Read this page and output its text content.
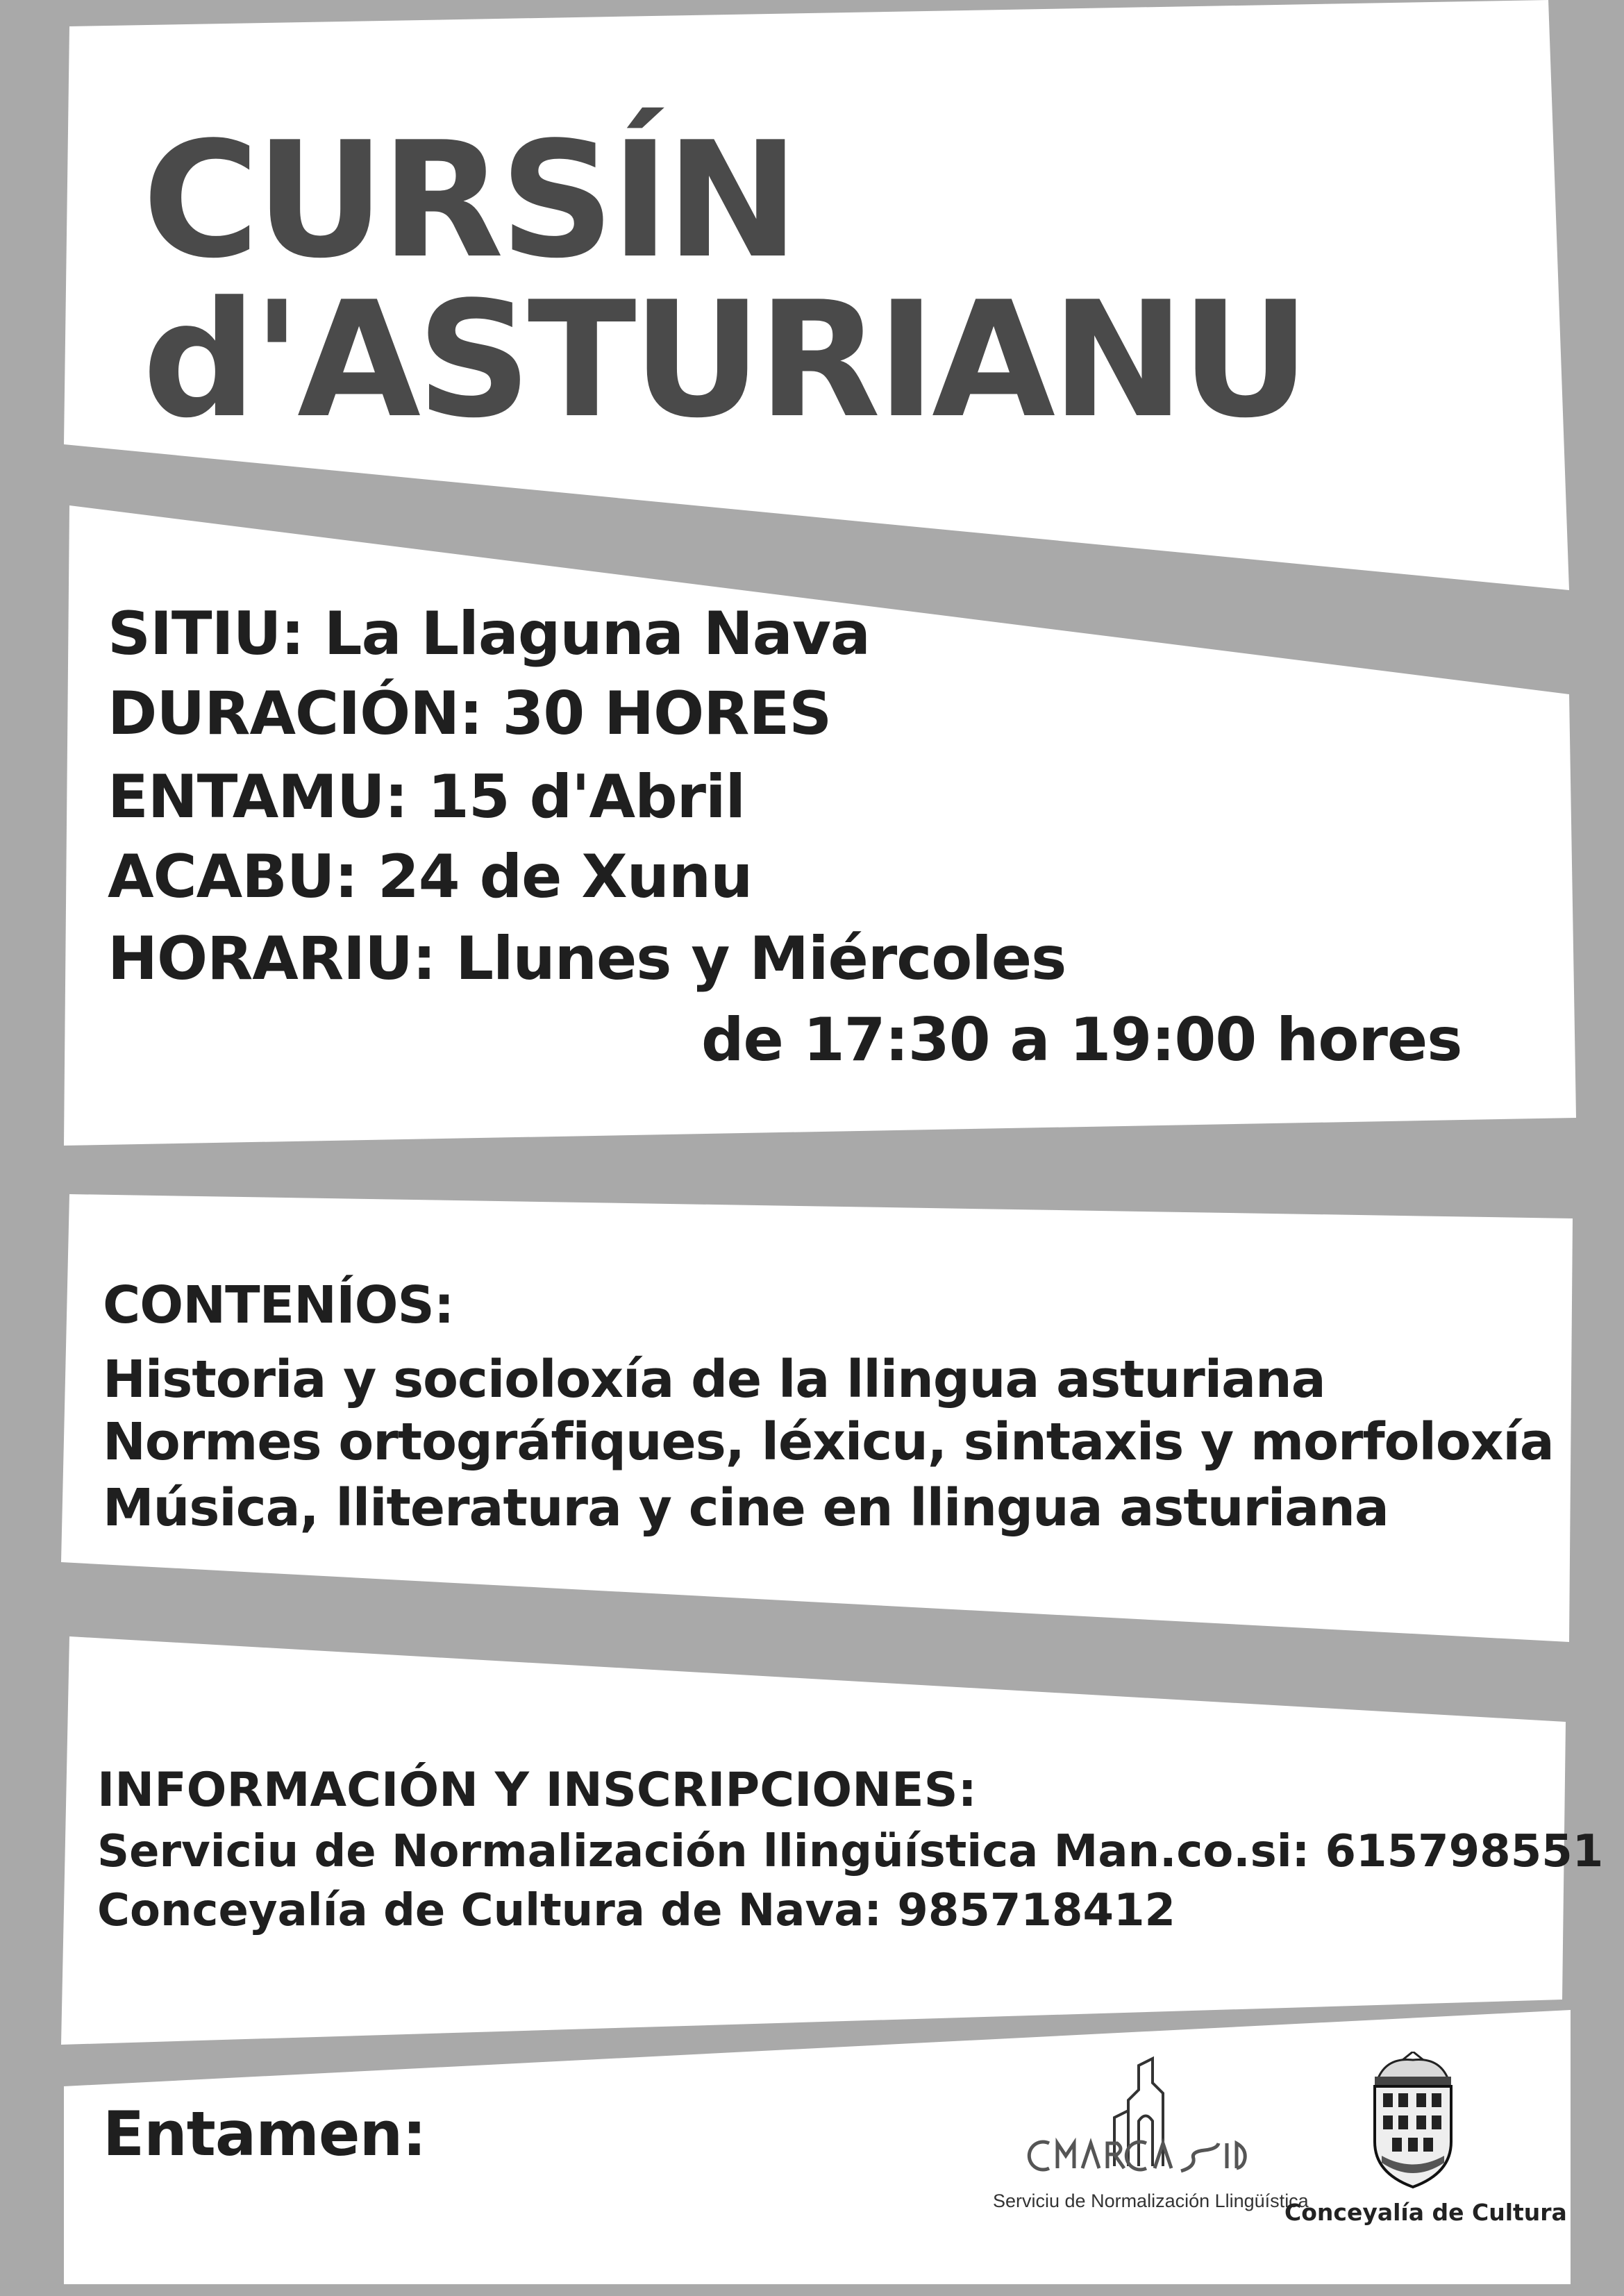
CURSÍN
d'ASTURIANU

SITIU: La Llaguna Nava

DURACIÓN: 30 HORES

ENTAMU: 15 d'Abril

ACABU: 24 de Xunu

HORARIU: Llunes y Miércoles

de 17:30 a 19:00 hores

CONTENÍOS:

Historia y socioloxía de la llingua asturiana

Normes ortográfiques, léxicu, sintaxis y morfoloxía

Música, lliteratura y cine en llingua asturiana

INFORMACIÓN Y INSCRIPCIONES:

Serviciu de Normalización llingüística Man.co.si: 615798551

Conceyalía de Cultura de Nava: 985718412

Entamen:

Serviciu de Normalización Llingüística
Conceyalía de Cultura
